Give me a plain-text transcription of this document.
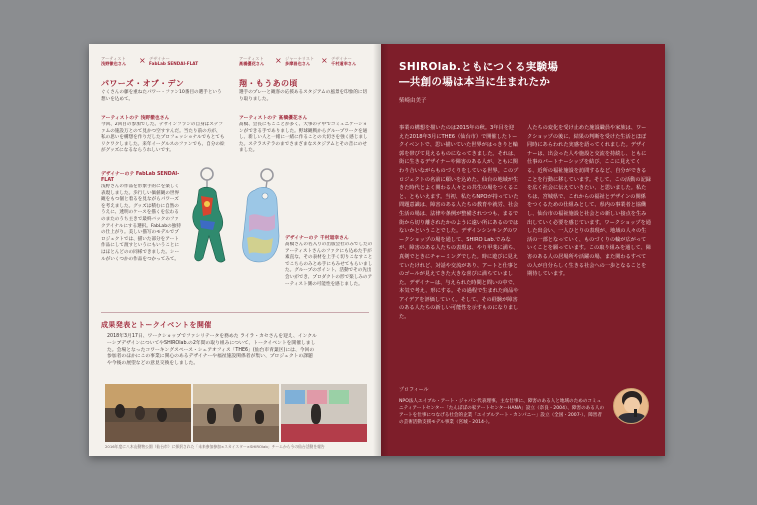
アーティスト
浅野徹也さん × デザイナー
FabLab SENDAI-FLAT
アーティスト
髙橋優花さん × ジャーナリスト
多摩昌也さん	× デザイナー
千村道幸さん
パワーズ・オブ・デン
ぐくさんの藤を重ねたパワー・ファン10番目の選手という想いを込めて。
翔・もうあの頃
選手のプレーと観客の応援あるスタジアムの風景を印象的に切り取りました。
アーティストのテ 浅野徹也さん
今回、2回目の参加でした。デザインフランの自身はステファムの施設万とのて見かつ空すすんだ。当たり前の方が、私の思いを構想を作りだしたプロフェッショナルでもとてもリクワクしました。来年イーグルスのファンでも、自分の絵がグッズになるならうれしいです。
デザイナーのテ FabLab SENDAI-FLAT
浅野さんの作品を形象手的にを楽しく表現しました。歩行しい価値観の世界観をもつ個と着るを見ながらパワーズを考えました。グッズは積むに自然のうえに、透明のケースを描くを伝わるのまたのうち主きで最終バックのファクアイナルにする選択。FabLabの独特の仕上がり。美しい描写のモデルでプロジェクトでは、描いた部分をアート作品にして渡すというにもいうことにはほとんどのの同様できました。シールがいくつかの作品をつかってみて。
アーティストのテ 髙橋優花さん
髙橋、会長にもこことが多く、大事のテ中でコミュニケーションができる手でありました。野球観戦からグループワークを通し、新しい人と一緒に一緒に作ることの大切さを強く感じました。ステラステラのまでさまざまなスタジアムとその音にのせました。
デザイナーのテ 千村道幸さん
髙橋さんの名入りの出版会社のみでしたのアーティストさんのファクにも込めた手が素直な、その表材を上手く切りこなすことでこちらのみとめ手にもみせてもらいました。グループのポイント、活動でその先出会いができ、プロダクトの形で楽しみのアーティスト側の可能性を感じました。
成果発表とトークイベントを開催
2018年3月17日、ワークショップでファシリテータを務めた ライラ・カセさんを迎え、インクルーシブデザインについてやSHIROlab.の2年間の取り組みについて、トークイベントを開催しました。会場となったコワーキングスペース・シェアオフィス「THE6」(仙台市青葉区)には、今回の参加者のほかにこの事業に関心のあるデザイナーや福祉施設関係者が集い、プロジェクトの課題や今後の展望などの意見交換をしました。
2016年度に八木山動物公園（仙台市）に採択された「未来参加参加×スカイスター×SHIROlab」チームから今の仙台活動を報告
SHIROlab.ともにつくる実験場
―共創の場は本当に生まれたか
柴崎由美子
事業の構想を描いたのは2015年の秋。3年目を迎えた2018年3月にTHE6（仙台市）で開催したトークイベントで、思い描いていた世界がはっきりと輪郭を帯びて見えるものになってきました。それは、街に生きるデザイナーや障害のある人が、ともに関わり合いながらものづくりをしている世界。このプロジェクトの名前に願いを込めた、仙台の地域が生きた時代とよく関わる人々との共生の場をつくること、ともいえます。当初、私たちNPOが持っていた問題意識は、障害のある人たちの教育や就労、社会生活の場は、法律や条例が整備されつつも、まるで街から切り離されたかのように遠い所にあるのではないかということでした。デザインシンキングのワークショップの場を通して、SHIRO Lab.でみなが、障害のある人たちの表現は、やり甲斐に満ち、真剣でときにチャーミングでした。時に遊びに見えていたけれど、対話や交流があり、アートと仕事とのゴールが見えてきた大きな喜びに満ちていました。デザイナーは、与えられた時間と問いの中で、本気で考え、形にする。その過程で生まれた商品やアイデアを評価していく。そして、その経験が障害のある人たちの新しい可能性を示すものになりました。
人たちの変化を受け止めた施設職員や家族は、ワークショップの後に、結果の判断を受けた生活とほぼ同時にあらわれた実感を語ってくれました。デザイナーは、出会った人や施設と交流を持続し、ともに仕事のパートナーシップを結び、ここに見えてくる、近所の福祉施設を訪問するなど、自分ができることを行動に移しています。そして、この活動の記録を広く社会に伝えていきたい、と思いました。私たちは、宮城県で、これからの福祉とデザインの関係をつくるための仕組みとして、県内の事業者と協働し、仙台市の福祉施設と社会との新しい接点を生み出していく必要を感じています。ワークショップを通した出会い、一人ひとりの表現が、地域の人々の生活の一部となっていく、ものづくりの輪が広がっていくことを願っています。この取り組みを通して、障害のある人の居場所や活躍の場、また関わるすべての人が自分らしく生きる社会への一歩となることを期待しています。
プロフィール
NPO法人エイブル・アート・ジャパン代表理事。主な仕事に、障害のある人と地域のためのコミュニティアートセンター「たんぽぽの家アートセンターHANA」設立（奈良・2004）、障害のある人のアートを仕事につなげる社会的企業「エイブルアート・カンパニー」設立（全国・2007-）、障害者の芸術活動支援モデル事業（宮城・2014-）。
